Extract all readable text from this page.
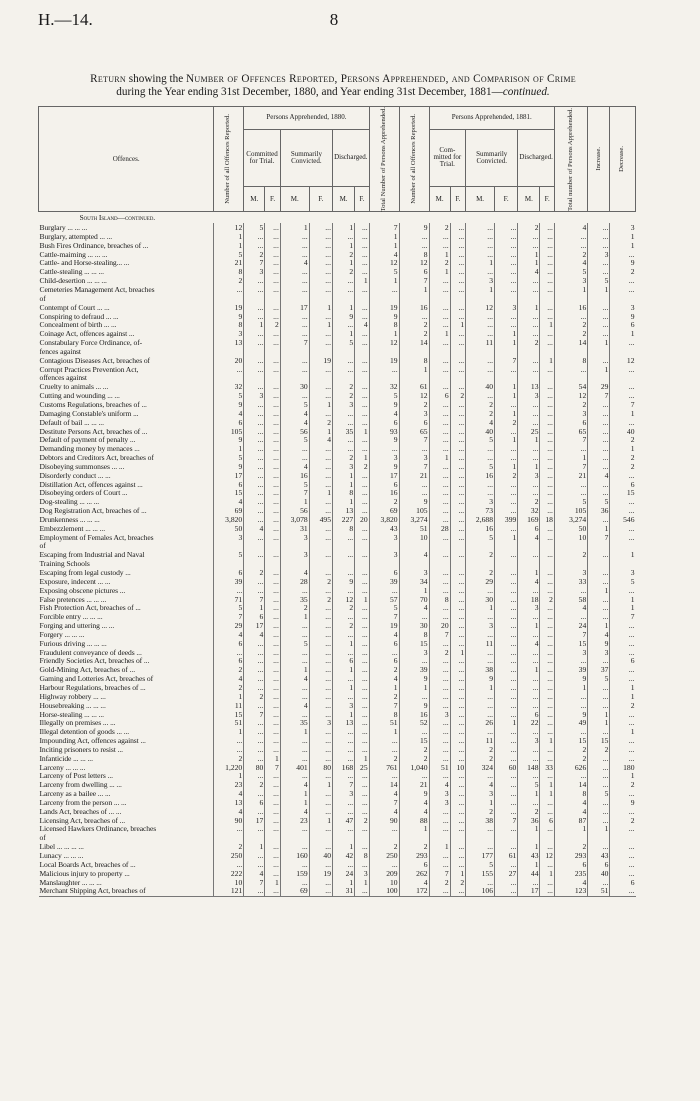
H.—14.	8
Return showing the Number of Offences Reported, Persons Apprehended, and Comparison of Crime
during the Year ending 31st December, 1880, and Year ending 31st December, 1881—continued.
Offences.	Number of all Offences Reported.	Persons Apprehended, 1880.						Total Number of Persons Apprehended.	Number of all Offences Reported.	Persons Apprehended, 1881.						Total number of Persons Apprehended.	Increase.	Decrease.

		Committed for Trial.		Summarily Convicted.		Discharged.				Com-mitted for Trial.		Summarily Convicted.		Discharged.				
		M.	F.	M.	F.	M.	F.			M.	F.	M.	F.	M.	F.			
South Island—continued.																		
Burglary ... ... ...	12	5	...	1	...	1	...	7	9	2	...	...	...	2	...	4	...	3
Burglary, attempted ... ...	1	...	...	...	...	...	...	1	...	...	...	...	...	...	...	...	...	1
Bush Fires Ordinance, breaches of ...	1	...	...	...	...	1	...	1	...	...	...	...	...	...	...	...	...	1
Cattle-maiming ... ... ...	5	2	...	...	...	2	...	4	8	1	...	...	...	1	...	2	3	...
Cattle- and Horse-stealing... ...	21	7	...	4	...	1	...	12	12	2	...	1	...	1	...	4	...	9
Cattle-stealing ... ... ...	8	3	...	...	...	2	...	5	6	1	...	...	...	4	...	5	...	2
Child-desertion ... ... ...	2	...	...	...	...	...	1	1	7	...	...	3	...	...	...	3	5	...
Cemeteries Management Act, breaches	...	...	...	...	...	...	...	...	1	...	...	1	...	...	...	1	1	...
of																		
Contempt of Court ... ...	19	...	...	17	1	1	...	19	16	...	...	12	3	1	...	16	...	3
Conspiring to defraud ... ...	9	...	...	...	...	9	...	9	...	...	...	...	...	...	...	...	...	9
Concealment of birth ... ...	8	1	2	...	1	...	4	8	2	...	1	...	...	...	1	2	...	6
Coinage Act, offences against ...	3	...	...	...	...	1	...	1	2	1	...	...	1	...	...	2	...	1
Constabulary Force Ordinance, of-	13	...	...	7	...	5	...	12	14	...	...	11	1	2	...	14	1	...
fences against																		
Contagious Diseases Act, breaches of	20	...	...	...	19	...	...	19	8	...	...	...	7	...	1	8	...	12
Corrupt Practices Prevention Act,	...	...	...	...	...	...	...	...	1	...	...	...	...	...	...	...	1	...
offences against																		
Cruelty to animals ... ...	32	...	...	30	...	2	...	32	61	...	...	40	1	13	...	54	29	...
Cutting and wounding ... ...	5	3	...	...	...	2	...	5	12	6	2	...	1	3	...	12	7	...
Customs Regulations, breaches of ...	9	...	...	5	1	3	...	9	2	...	...	2	...	...	...	2	...	7
Damaging Constable's uniform ...	4	...	...	4	...	...	...	4	3	...	...	2	1	...	...	3	...	1
Default of bail ... ... ...	6	...	...	4	2	...	...	6	6	...	...	4	2	...	...	6	...	...
Destitute Persons Act, breaches of ...	105	...	...	56	1	35	1	93	65	...	...	40	...	25	...	65	...	40
Default of payment of penalty ...	9	...	...	5	4	...	...	9	7	...	...	5	1	1	...	7	...	2
Demanding money by menaces ...	1	...	...	...	...	...	...	...	...	...	...	...	...	...	...	...	...	1
Debtors and Creditors Act, breaches of	5	...	...	...	...	2	1	3	3	1	...	...	...	...	...	1	...	2
Disobeying summonses ... ...	9	...	...	4	...	3	2	9	7	...	...	5	1	1	...	7	...	2
Disorderly conduct ... ...	17	...	...	16	...	1	...	17	21	...	...	16	2	3	...	21	4	...
Distillation Act, offences against ...	6	...	...	5	...	1	...	6	...	...	...	...	...	...	...	...	...	6
Disobeying orders of Court ...	15	...	...	7	1	8	...	16	...	...	...	...	...	...	...	...	...	15
Dog-stealing ... ... ...	4	...	...	1	...	1	...	2	9	...	...	3	...	2	...	5	5	...
Dog Registration Act, breaches of ...	69	...	...	56	...	13	...	69	105	...	...	73	...	32	...	105	36	...
Drunkenness ... ... ...	3,820	...	...	3,078	495	227	20	3,820	3,274	...	...	2,688	399	169	18	3,274	...	546
Embezzlement ... ... ...	50	4	...	31	...	8	...	43	51	28	...	16	...	6	...	50	1	...
Employment of Females Act, breaches	3	...	...	3	...	...	...	3	10	...	...	5	1	4	...	10	7	...
of																		
Escaping from Industrial and Naval	5	...	...	3	...	...	...	3	4	...	...	2	...	...	...	2	...	1
Training Schools																		
Escaping from legal custody ...	6	2	...	4	...	...	...	6	3	...	...	2	...	1	...	3	...	3
Exposure, indecent ... ...	39	...	...	28	2	9	...	39	34	...	...	29	...	4	...	33	...	5
Exposing obscene pictures ...	...	...	...	...	...	...	...	...	1	...	...	...	...	...	...	...	1	...
False pretences ... ... ...	71	7	...	35	2	12	1	57	70	8	...	30	...	18	2	58	...	1
Fish Protection Act, breaches of ...	5	1	...	2	...	2	...	5	4	...	...	1	...	3	...	4	...	1
Forcible entry ... ... ...	7	6	...	1	...	...	...	7	...	...	...	...	...	...	...	...	...	7
Forging and uttering ... ...	29	17	...	...	...	2	...	19	30	20	...	3	...	1	...	24	1	...
Forgery ... ... ...	4	4	...	...	...	...	...	4	8	7	...	...	...	...	...	7	4	...
Furious driving ... ... ...	6	...	...	5	...	1	...	6	15	...	...	11	...	4	...	15	9	...
Fraudulent conveyance of deeds ...	...	...	...	...	...	...	...	...	3	2	1	...	...	...	...	3	3	...
Friendly Societies Act, breaches of ...	6	...	...	...	...	6	...	6	...	...	...	...	...	...	...	...	...	6
Gold-Mining Act, breaches of ...	2	...	...	1	...	1	...	2	39	...	...	38	...	1	...	39	37	...
Gaming and Lotteries Act, breaches of	4	...	...	4	...	...	...	4	9	...	...	9	...	...	...	9	5	...
Harbour Regulations, breaches of ...	2	...	...	...	...	1	...	1	1	...	...	1	...	...	...	1	...	1
Highway robbery ... ...	1	2	...	...	...	...	...	2	...	...	...	...	...	...	...	...	...	1
Housebreaking ... ... ...	11	...	...	4	...	3	...	7	9	...	...	...	...	...	...	...	...	2
Horse-stealing ... ... ...	15	7	...	...	...	1	...	8	16	3	...	...	...	6	...	9	1	...
Illegally on premises ... ...	51	...	...	35	3	13	...	51	52	...	...	26	1	22	...	49	1	...
Illegal detention of goods ... ...	1	...	...	1	...	...	...	1	...	...	...	...	...	...	...	...	...	1
Impounding Act, offences against ...	...	...	...	...	...	...	...	...	15	...	...	11	...	3	1	15	15	...
Inciting prisoners to resist ...	...	...	...	...	...	...	...	...	2	...	...	2	...	...	...	2	2	...
Infanticide ... ... ...	2	...	1	...	...	...	1	2	2	...	...	2	...	...	...	2	...	...
Larceny ... ... ...	1,220	80	7	401	80	168	25	761	1,040	51	10	324	60	148	33	626	...	180
Larceny of Post letters ...	1	...	...	...	...	...	...	...	...	...	...	...	...	...	...	...	...	1
Larceny from dwelling ... ...	23	2	...	4	1	7	...	14	21	4	...	4	...	5	1	14	...	2
Larceny as a bailee ... ...	4	...	...	1	...	3	...	4	9	3	...	3	...	1	1	8	5	...
Larceny from the person ... ...	13	6	...	1	...	...	...	7	4	3	...	1	...	...	...	4	...	9
Lands Act, breaches of ... ...	4	...	...	4	...	...	...	4	4	...	...	2	...	2	...	4	...	...
Licensing Act, breaches of ...	90	17	...	23	1	47	2	90	88	...	...	38	7	36	6	87	...	2
Licensed Hawkers Ordinance, breaches	...	...	...	...	...	...	...	...	1	...	...	...	...	1	...	1	1	...
of																		
Libel ... ... ... ...	2	1	...	...	...	1	...	2	2	1	...	...	...	1	...	2	...	...
Lunacy ... ... ...	250	...	...	160	40	42	8	250	293	...	...	177	61	43	12	293	43	...
Local Boards Act, breaches of ...	...	...	...	...	...	...	...	...	6	...	...	5	...	1	...	6	6	...
Malicious injury to property ...	222	4	...	159	19	24	3	209	262	7	1	155	27	44	1	235	40	...
Manslaughter ... ... ...	10	7	1	...	...	1	1	10	4	2	2	...	...	...	...	4	...	6
Merchant Shipping Act, breaches of	121	...	...	69	...	31	...	100	172	...	...	106	...	17	...	123	51	...
